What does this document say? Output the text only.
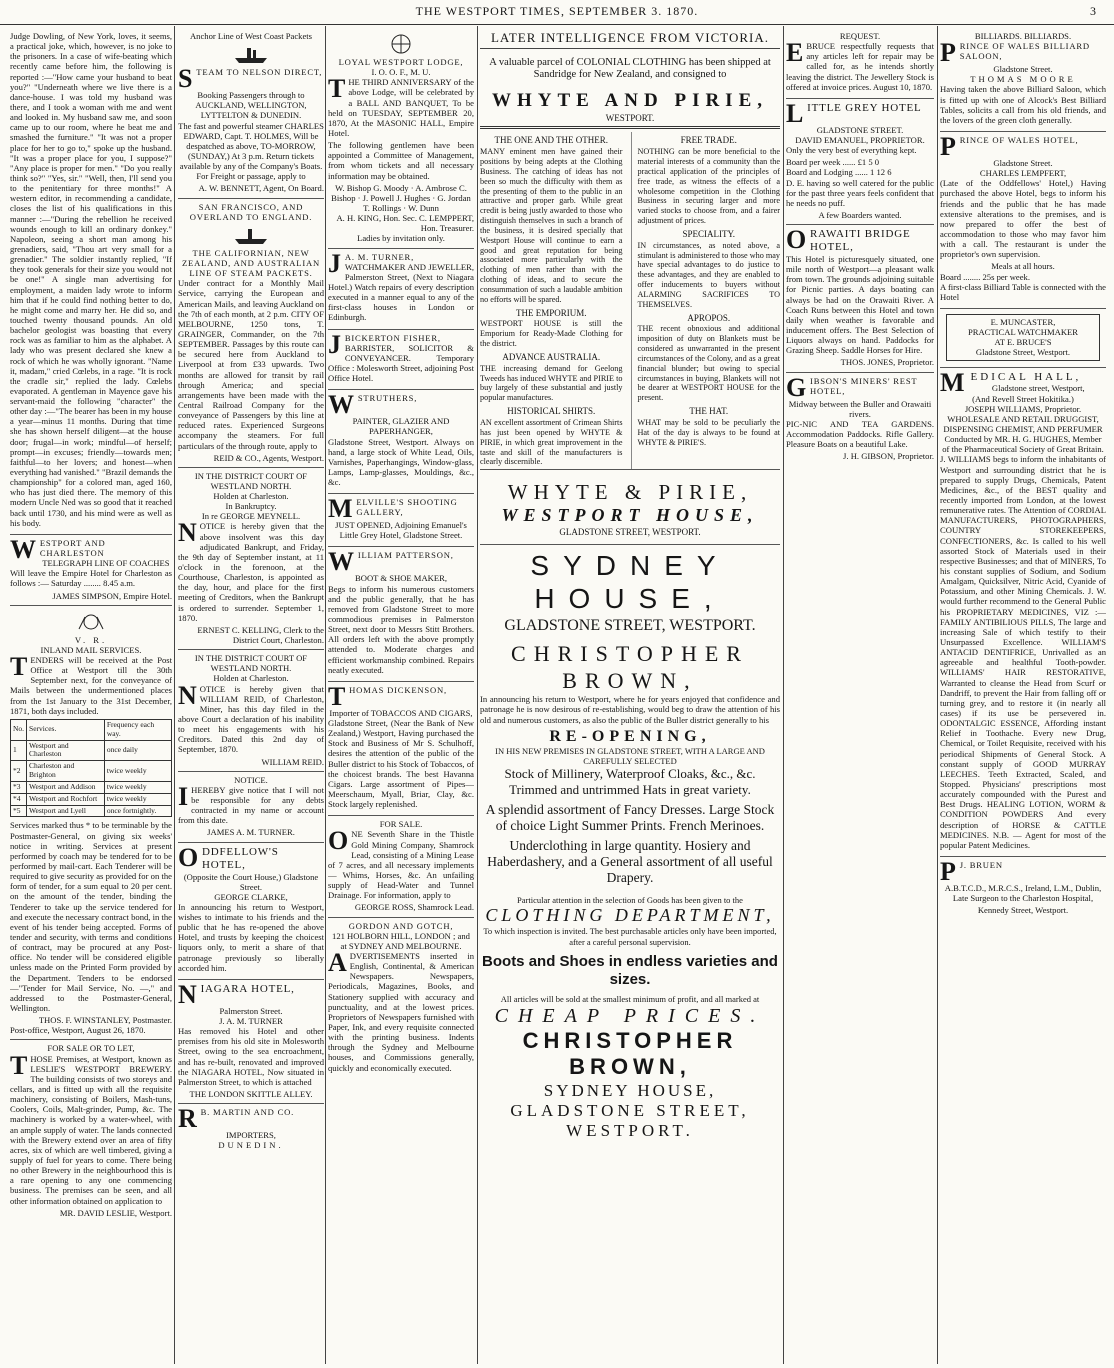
THE WESTPORT TIMES, SEPTEMBER 3. 1870.	3

Judge Dowling, of New York, loves, it seems, a practical joke, which, however, is no joke to the prisoners. In a case of wife-beating which recently came before him, the following is reported :—"How came your husband to beat you?" "Underneath where we live there is a dance-house. I was told my husband was there, and I took a woman with me and went and looked in. My husband saw me, and soon came up to our room, where he beat me and smashed the furniture." "It was not a proper place for her to go to," spoke up the husband. "It was a proper place for you, I suppose?" "Any place is proper for men." "Do you really think so?" "Yes, sir." "Well, then, I'll send you to the penitentiary for three months!" A western editor, in recommending a candidate, closes the list of his qualifications in this manner :—"During the rebellion he received wounds enough to kill an ordinary donkey." Napoleon, seeing a short man among his grenadiers, said, "Thou art very small for a grenadier." The soldier instantly replied, "If they took generals for their size you would not be one!" A single man advertising for employment, a maiden lady wrote to inform him that if he could find nothing better to do, he might come and marry her. He did so, and touched twenty thousand pounds. An old bachelor geologist was boasting that every rock was as familiar to him as the alphabet. A lady who was present declared she knew a rock of which he was wholly ignorant. "Name it, madam," cried Cœlebs, in a rage. "It is rock the cradle sir," replied the lady. Cœlebs evaporated. A gentleman in Mayence gave his servant-maid the following "character" the other day :—"The bearer has been in my house a year—minus 11 months. During that time she has shown herself diligent—at the house door; frugal—in work; mindful—of herself; prompt—in excuses; friendly—towards men; faithful—to her lovers; and honest—when everything had vanished." "Brazil demands the championship" for a colored man, aged 160, who has just died there. The memory of this modern Uncle Ned was so good that it reached back until 1730, and his mind were as well as his body.

WESTPORT AND CHARLESTON
TELEGRAPH LINE OF COACHES

Will leave the Empire Hotel for Charleston as follows :— Saturday ........ 8.45 a.m.

JAMES SIMPSON, Empire Hotel.
V. R.
INLAND MAIL SERVICES.

TENDERS will be received at the Post Office at Westport till the 30th September next, for the conveyance of Mails between the undermentioned places from the 1st January to the 31st December, 1871, both days included.

No.	Services.	Frequency each way.
1	Westport and Charleston	once daily
*2	Charleston and Brighton	twice weekly
*3	Westport and Addison	twice weekly
*4	Westport and Rochfort	twice weekly
*5	Westport and Lyell	once fortnightly.

Services marked thus * to be terminable by the Postmaster-General, on giving six weeks' notice in writing. Services at present performed by coach may be tendered for to be performed by mail-cart. Each Tenderer will be required to give security as provided for on the form of tender, for a sum equal to 20 per cent. on the amount of the tender, binding the Tenderer to take up the service tendered for and execute the necessary contract bond, in the event of his tender being accepted. Forms of tender and security, with terms and conditions of contract, may be procured at any Post-office. No tender will be considered eligible unless made on the Printed Form provided by the Department. Tenders to be endorsed—"Tender for Mail Service, No. —," and addressed to the Postmaster-General, Wellington.

THOS. F. WINSTANLEY, Postmaster.
Post-office, Westport, August 26, 1870.
FOR SALE OR TO LET,

THOSE Premises, at Westport, known as LESLIE'S WESTPORT BREWERY. The building consists of two storeys and cellars, and is fitted up with all the requisite machinery, consisting of Boilers, Mash-tuns, Coolers, Coils, Malt-grinder, Pump, &c. The machinery is worked by a water-wheel, with an ample supply of water. The lands connected with the Brewery extend over an area of fifty acres, six of which are well timbered, giving a supply of fuel for years to come. There being no other Brewery in the neighbourhood this is a rare opening to any one commencing business. The premises can be seen, and all other information obtained on application to

MR. DAVID LESLIE, Westport.
Anchor Line of West Coast Packets
STEAM TO NELSON DIRECT,
Booking Passengers through to AUCKLAND, WELLINGTON, LYTTELTON & DUNEDIN.

The fast and powerful steamer CHARLES EDWARD, Capt. T. HOLMES, Will be despatched as above, TO-MORROW, (SUNDAY,) At 3 p.m. Return tickets available by any of the Company's Boats. For Freight or passage, apply to

A. W. BENNETT, Agent, On Board.
SAN FRANCISCO, AND OVERLAND TO ENGLAND.
THE CALIFORNIAN, NEW ZEALAND, AND AUSTRALIAN LINE OF STEAM PACKETS.

Under contract for a Monthly Mail Service, carrying the European and American Mails, and leaving Auckland on the 7th of each month, at 2 p.m. CITY OF MELBOURNE, 1250 tons, T. GRAINGER, Commander, on the 7th SEPTEMBER. Passages by this route can be secured here from Auckland to Liverpool at from £33 upwards. Two months are allowed for transit by rail through America; and special arrangements have been made with the Central Railroad Company for the conveyance of Passengers by this line at reduced rates. Experienced Surgeons accompany the steamers. For full particulars of the through route, apply to

REID & CO., Agents, Westport.
IN THE DISTRICT COURT OF WESTLAND NORTH.
Holden at Charleston.
In Bankruptcy.
In re GEORGE MEYNELL.

NOTICE is hereby given that the above insolvent was this day adjudicated Bankrupt, and Friday, the 9th day of September instant, at 11 o'clock in the forenoon, at the Courthouse, Charleston, is appointed as the day, hour, and place for the first meeting of Creditors, when the Bankrupt is ordered to surrender. September 1, 1870.

ERNEST C. KELLING, Clerk to the District Court, Charleston.
IN THE DISTRICT COURT OF WESTLAND NORTH.
Holden at Charleston.

NOTICE is hereby given that WILLIAM REID, of Charleston, Miner, has this day filed in the above Court a declaration of his inability to meet his engagements with his Creditors. Dated this 2nd day of September, 1870.

WILLIAM REID.
NOTICE.

IHEREBY give notice that I will not be responsible for any debts contracted in my name or account from this date.

JAMES A. M. TURNER.
ODDFELLOW'S HOTEL,
(Opposite the Court House,) Gladstone Street.
GEORGE CLARKE,

In announcing his return to Westport, wishes to intimate to his friends and the public that he has re-opened the above Hotel, and trusts by keeping the choicest liquors only, to merit a share of that patronage previously so liberally accorded him.

NIAGARA HOTEL,
Palmerston Street.
J. A. M. TURNER

Has removed his Hotel and other premises from his old site in Molesworth Street, owing to the sea encroachment, and has re-built, renovated and improved the NIAGARA HOTEL, Now situated in Palmerston Street, to which is attached

THE LONDON SKITTLE ALLEY.
R B. MARTIN AND CO.
IMPORTERS,
DUNEDIN.
LOYAL WESTPORT LODGE,
I. O. O. F., M. U.

THE THIRD ANNIVERSARY of the above Lodge, will be celebrated by a BALL AND BANQUET, To be held on TUESDAY, SEPTEMBER 20, 1870, At the MASONIC HALL, Empire Hotel.

The following gentlemen have been appointed a Committee of Management, from whom tickets and all necessary information may be obtained.

W. Bishop G. Moody · A. Ambrose C. Bishop · J. Powell J. Hughes · G. Jordan T. Rollings · W. Dunn
A. H. KING, Hon. Sec. C. LEMPPERT, Hon. Treasurer.
Ladies by invitation only.
J A. M. TURNER,

WATCHMAKER AND JEWELLER, Palmerston Street, (Next to Niagara Hotel.) Watch repairs of every description executed in a manner equal to any of the first-class houses in London or Edinburgh.

JBICKERTON FISHER,

BARRISTER, SOLICITOR & CONVEYANCER. Temporary Office : Molesworth Street, adjoining Post Office Hotel.

WSTRUTHERS,
PAINTER, GLAZIER AND PAPERHANGER,

Gladstone Street, Westport. Always on hand, a large stock of White Lead, Oils, Varnishes, Paperhangings, Window-glass, Lamps, Lamp-glasses, Mouldings, &c., &c.

MELVILLE'S SHOOTING GALLERY,

JUST OPENED, Adjoining Emanuel's Little Grey Hotel, Gladstone Street.

WILLIAM PATTERSON,
BOOT & SHOE MAKER,

Begs to inform his numerous customers and the public generally, that he has removed from Gladstone Street to more commodious premises in Palmerston Street, next door to Messrs Stitt Brothers. All orders left with the above promptly attended to. Moderate charges and efficient workmanship combined. Repairs neatly executed.

THOMAS DICKENSON,
Importer of TOBACCOS AND CIGARS,

Gladstone Street, (Near the Bank of New Zealand,) Westport, Having purchased the Stock and Business of Mr S. Schulhoff, desires the attention of the public of the Buller district to his Stock of Tobaccos, of the choicest brands. The best Havanna Cigars. Large assortment of Pipes—Meerschaum, Myall, Briar, Clay, &c. Stock largely replenished.

FOR SALE.

ONE Seventh Share in the Thistle Gold Mining Company, Shamrock Lead, consisting of a Mining Lease of 7 acres, and all necessary implements — Whims, Horses, &c. An unfailing supply of Head-Water and Tunnel Drainage. For information, apply to

GEORGE ROSS, Shamrock Lead.
GORDON AND GOTCH,
121 HOLBORN HILL, LONDON ; and at SYDNEY AND MELBOURNE.

ADVERTISEMENTS inserted in English, Continental, & American Newspapers. Newspapers, Periodicals, Magazines, Books, and Stationery supplied with accuracy and punctuality, and at the lowest prices. Proprietors of Newspapers furnished with Paper, Ink, and every requisite connected with the printing business. Indents through the Sydney and Melbourne houses, and Commissions generally, quickly and economically executed.

LATER INTELLIGENCE FROM VICTORIA.

A valuable parcel of COLONIAL CLOTHING has been shipped at Sandridge for New Zealand, and consigned to

WHYTE AND PIRIE,
WESTPORT.
THE ONE AND THE OTHER.

MANY eminent men have gained their positions by being adepts at the Clothing Business. The catching of ideas has not been so much the difficulty with them as the presenting of them to the public in an attractive and proper garb. While great credit is being justly awarded to those who distinguish themselves in such a branch of the business, it is desired specially that Westport House will continue to earn a good and great reputation for being associated more particularly with the clothing of men rather than with the clothing of ideas, and to secure the consummation of such a laudable ambition no efforts will be spared.

THE EMPORIUM.

WESTPORT HOUSE is still the Emporium for Ready-Made Clothing for the district.

ADVANCE AUSTRALIA.

THE increasing demand for Geelong Tweeds has induced WHYTE and PIRIE to buy largely of these substantial and justly popular manufactures.

HISTORICAL SHIRTS.

AN excellent assortment of Crimean Shirts has just been opened by WHYTE & PIRIE, in which great improvement in the taste and skill of the manufacturers is clearly discernible.

FREE TRADE.

NOTHING can be more beneficial to the material interests of a community than the practical application of the principles of free trade, as witness the effects of a wholesome competition in the Clothing Business in securing larger and more varied stocks to choose from, and a fairer adjustment of prices.

SPECIALITY.

IN circumstances, as noted above, a stimulant is administered to those who may have special advantages to do justice to these advantages, and they are enabled to offer inducements to buyers without ALARMING SACRIFICES TO THEMSELVES.

APROPOS.

THE recent obnoxious and additional imposition of duty on Blankets must be considered as unwarranted in the present circumstances of the Colony, and as a great financial blunder; but owing to special circumstances in buying, Blankets will not be dearer at WESTPORT HOUSE for the present.

THE HAT.

WHAT may be sold to be peculiarly the Hat of the day is always to be found at WHYTE & PIRIE'S.

WHYTE & PIRIE,
WESTPORT HOUSE,
GLADSTONE STREET, WESTPORT.
SYDNEY HOUSE,
GLADSTONE STREET, WESTPORT.
CHRISTOPHER BROWN,

In announcing his return to Westport, where he for years enjoyed that confidence and patronage he is now desirous of re-establishing, would beg to draw the attention of his old and numerous customers, as also the public of the Buller district generally to his

RE-OPENING,
IN HIS NEW PREMISES IN GLADSTONE STREET, WITH A LARGE AND CAREFULLY SELECTED
Stock of Millinery, Waterproof Cloaks, &c., &c. Trimmed and untrimmed Hats in great variety.
A splendid assortment of Fancy Dresses. Large Stock of choice Light Summer Prints. French Merinoes.
Underclothing in large quantity. Hosiery and Haberdashery, and a General assortment of all useful Drapery.
Particular attention in the selection of Goods has been given to the
CLOTHING DEPARTMENT,
To which inspection is invited. The best purchasable articles only have been imported, after a careful personal supervision.
Boots and Shoes in endless varieties and sizes.
All articles will be sold at the smallest minimum of profit, and all marked at
CHEAP PRICES.
CHRISTOPHER BROWN,
SYDNEY HOUSE,
GLADSTONE STREET, WESTPORT.
REQUEST.

EBRUCE respectfully requests that any articles left for repair may be called for, as he intends shortly leaving the district. The Jewellery Stock is offered at invoice prices. August 10, 1870.

LITTLE GREY HOTEL
GLADSTONE STREET.
DAVID EMANUEL, PROPRIETOR.

Only the very best of everything kept.

Board per week ...... £1 5 0
Board and Lodging ...... 1 12 6

D. E. having so well catered for the public for the past three years feels confident that he needs no puff.

A few Boarders wanted.
ORAWAITI BRIDGE HOTEL,

This Hotel is picturesquely situated, one mile north of Westport—a pleasant walk from town. The grounds adjoining suitable for Picnic parties. A days boating can always be had on the Orawaiti River. A Coach Runs between this Hotel and town daily when weather is favorable and inducement offers. The Best Selection of Liquors always on hand. Paddocks for Grazing Sheep. Saddle Horses for Hire.

THOS. JONES, Proprietor.
GIBSON'S MINERS' REST HOTEL,
Midway between the Buller and Orawaiti rivers.

PIC-NIC AND TEA GARDENS. Accommodation Paddocks. Rifle Gallery. Pleasure Boats on a beautiful Lake.

J. H. GIBSON, Proprietor.
BILLIARDS. BILLIARDS.
PRINCE OF WALES BILLIARD SALOON,
Gladstone Street.
THOMAS MOORE

Having taken the above Billiard Saloon, which is fitted up with one of Alcock's Best Billiard Tables, solicits a call from his old friends, and the lovers of the green cloth generally.

PRINCE OF WALES HOTEL,
Gladstone Street.
CHARLES LEMPFERT,

(Late of the Oddfellows' Hotel,) Having purchased the above Hotel, begs to inform his friends and the public that he has made extensive alterations to the premises, and is now prepared to offer the best of accommodation to those who may favor him with a call. The restaurant is under the proprietor's own supervision.

Meals at all hours.
Board ........ 25s per week.

A first-class Billiard Table is connected with the Hotel

E. MUNCASTER,
PRACTICAL WATCHMAKER
AT E. BRUCE'S
Gladstone Street, Westport.
MEDICAL HALL,
Gladstone street, Westport,
(And Revell Street Hokitika.)
JOSEPH WILLIAMS, Proprietor.
WHOLESALE AND RETAIL DRUGGIST, DISPENSING CHEMIST, AND PERFUMER
Conducted by MR. H. G. HUGHES, Member of the Pharmaceutical Society of Great Britain.

J. WILLIAMS begs to inform the inhabitants of Westport and surrounding district that he is prepared to supply Drugs, Chemicals, Patent Medicines, &c., of the BEST quality and recently imported from London, at the lowest remunerative rates. The Attention of CORDIAL MANUFACTURERS, PHOTOGRAPHERS, COUNTRY STOREKEEPERS, CONFECTIONERS, &c. Is called to his well assorted Stock of Materials used in their respective Businesses; and that of MINERS, To his constant supplies of Sodium, and Sodium Amalgam, Quicksilver, Nitric Acid, Cyanide of Potassium, and other Mining Chemicals. J. W. would further recommend to the General Public his PROPRIETARY MEDICINES, VIZ :— FAMILY ANTIBILIOUS PILLS, The large and increasing Sale of which testify to their Unsurpassed Excellence. WILLIAM'S ANTACID DENTIFRICE, Unrivalled as an agreeable and healthful Tooth-powder. WILLIAMS' HAIR RESTORATIVE, Warranted to cleanse the Head from Scurf or Dandriff, to prevent the Hair from falling off or turning grey, and to restore it (in nearly all cases) if its use be persevered in. ODONTALGIC ESSENCE, Affording instant Relief in Toothache. Every new Drug, Chemical, or Toilet Requisite, received with his periodical Shipments of General Stock. A constant supply of GOOD MURRAY LEECHES. Teeth Extracted, Scaled, and Stopped. Physicians' prescriptions most accurately compounded with the Purest and Best Drugs. HEALING LOTION, WORM & CONDITION POWDERS And every description of HORSE & CATTLE MEDICINES. N.B. — Agent for most of the popular Patent Medicines.

P J. BRUEN

A.B.T.C.D., M.R.C.S., Ireland, L.M., Dublin, Late Surgeon to the Charleston Hospital,

Kennedy Street, Westport.
